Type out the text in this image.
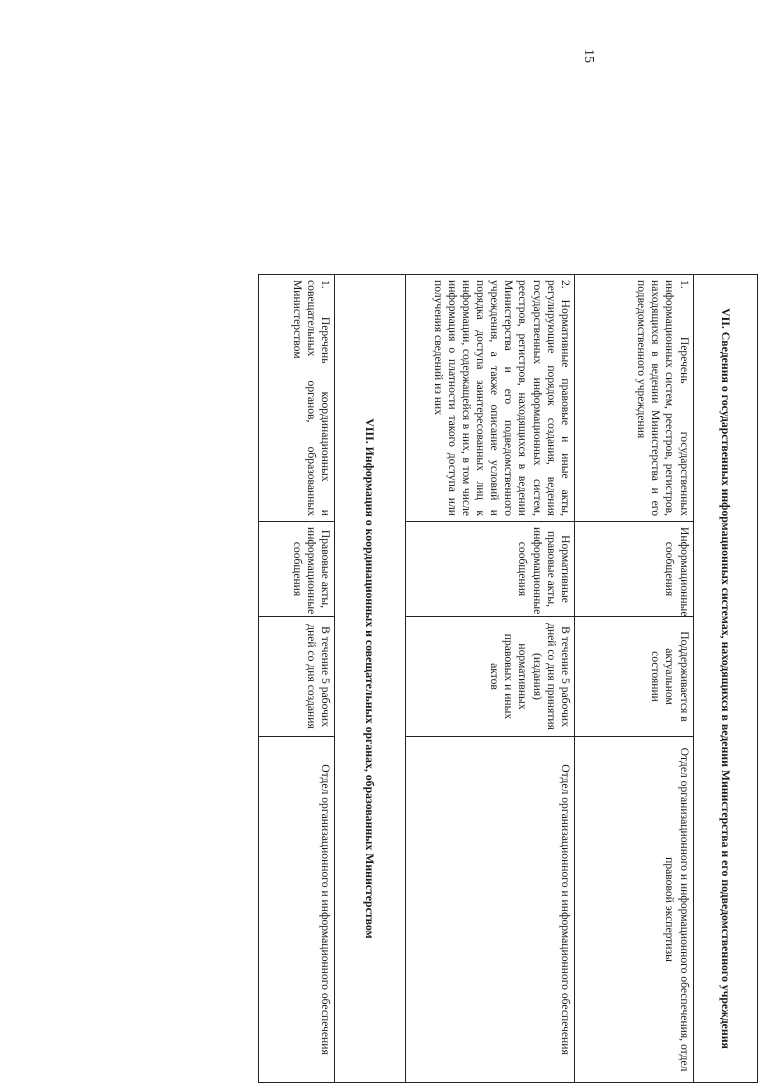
15
VII. Сведения о государственных информационных системах, находящихся в ведении Министерства и его подведомственного учреждения			
1. Перечень государственных информационных систем, реестров, регистров, находящихся в ведении Министерства и его подведомственного учреждения	Информационные сообщения	Поддерживается в актуальном состоянии	Отдел организационного и информационного обеспечения, отдел правовой экспертизы
2. Нормативные правовые и иные акты, регулирующие порядок создания, ведения государственных информационных систем, реестров, регистров, находящихся в ведении Министерства и его подведомственного учреждения, а также описание условий и порядка доступа заинтересованных лиц к информации, содержащейся в них, в том числе информация о платности такого доступа или получения сведений из них	Нормативные правовые акты, информационные сообщения	В течение 5 рабочих дней со дня принятия (издания) нормативных правовых и иных актов	Отдел организационного и информационного обеспечения
VIII. Информация о координационных и совещательных органах, образованных Министерством			
1. Перечень координационных и совещательных органов, образованных Министерством	Правовые акты, информационные сообщения	В течение 5 рабочих дней со дня создания	Отдел организационного и информационного обеспечения
